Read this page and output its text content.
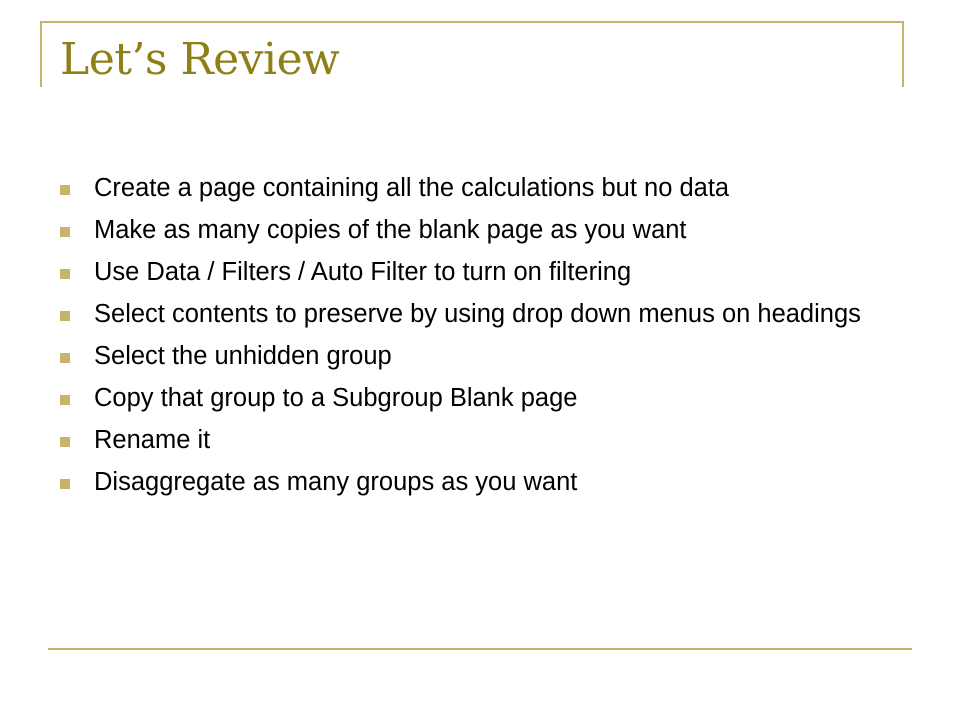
Let’s Review
Create a page containing all the calculations but no data
Make as many copies of the blank page as you want
Use Data / Filters / Auto Filter to turn on filtering
Select contents to preserve by using drop down menus on headings
Select the unhidden group
Copy that group to a Subgroup Blank page
Rename it
Disaggregate as many groups as you want
